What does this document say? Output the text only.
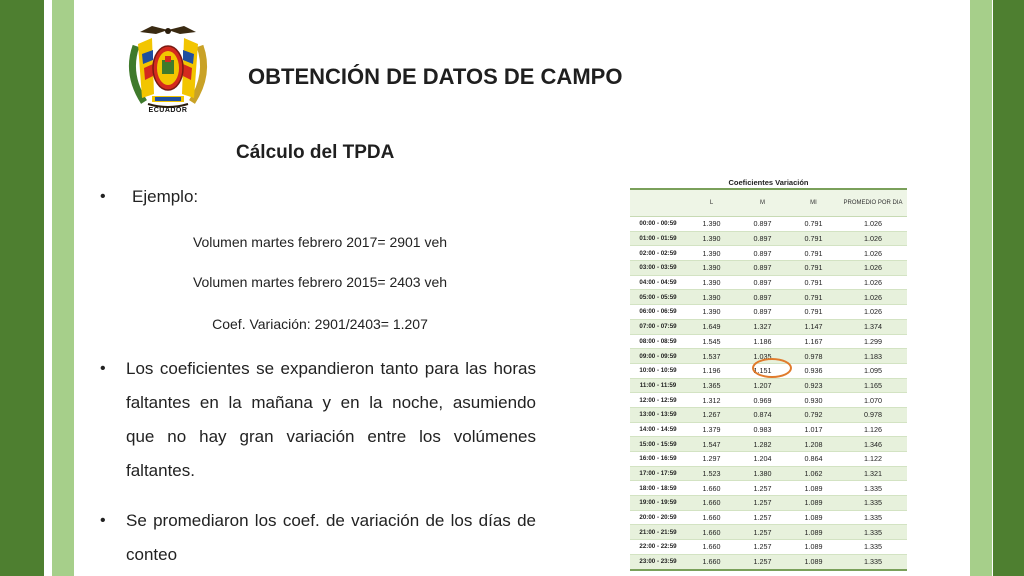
ECUADOR
OBTENCIÓN DE DATOS DE CAMPO
Cálculo del TPDA
• Ejemplo:
Volumen martes febrero 2017= 2901 veh
Volumen martes febrero 2015= 2403 veh
Coef. Variación: 2901/2403= 1.207
• Los coeficientes se expandieron tanto para las horas
faltantes en la mañana y en la noche, asumiendo
que no hay gran variación entre los volúmenes
faltantes.
• Se promediaron los coef. de variación de los días de
conteo
Coeficientes Variación				
	L	M	MI	PROMEDIO POR DIA
00:00 - 00:59	1.390	0.897	0.791	1.026
01:00 - 01:59	1.390	0.897	0.791	1.026
02:00 - 02:59	1.390	0.897	0.791	1.026
03:00 - 03:59	1.390	0.897	0.791	1.026
04:00 - 04:59	1.390	0.897	0.791	1.026
05:00 - 05:59	1.390	0.897	0.791	1.026
06:00 - 06:59	1.390	0.897	0.791	1.026
07:00 - 07:59	1.649	1.327	1.147	1.374
08:00 - 08:59	1.545	1.186	1.167	1.299
09:00 - 09:59	1.537	1.035	0.978	1.183
10:00 - 10:59	1.196	1.151	0.936	1.095
11:00 - 11:59	1.365	1.207	0.923	1.165
12:00 - 12:59	1.312	0.969	0.930	1.070
13:00 - 13:59	1.267	0.874	0.792	0.978
14:00 - 14:59	1.379	0.983	1.017	1.126
15:00 - 15:59	1.547	1.282	1.208	1.346
16:00 - 16:59	1.297	1.204	0.864	1.122
17:00 - 17:59	1.523	1.380	1.062	1.321
18:00 - 18:59	1.660	1.257	1.089	1.335
19:00 - 19:59	1.660	1.257	1.089	1.335
20:00 - 20:59	1.660	1.257	1.089	1.335
21:00 - 21:59	1.660	1.257	1.089	1.335
22:00 - 22:59	1.660	1.257	1.089	1.335
23:00 - 23:59	1.660	1.257	1.089	1.335
